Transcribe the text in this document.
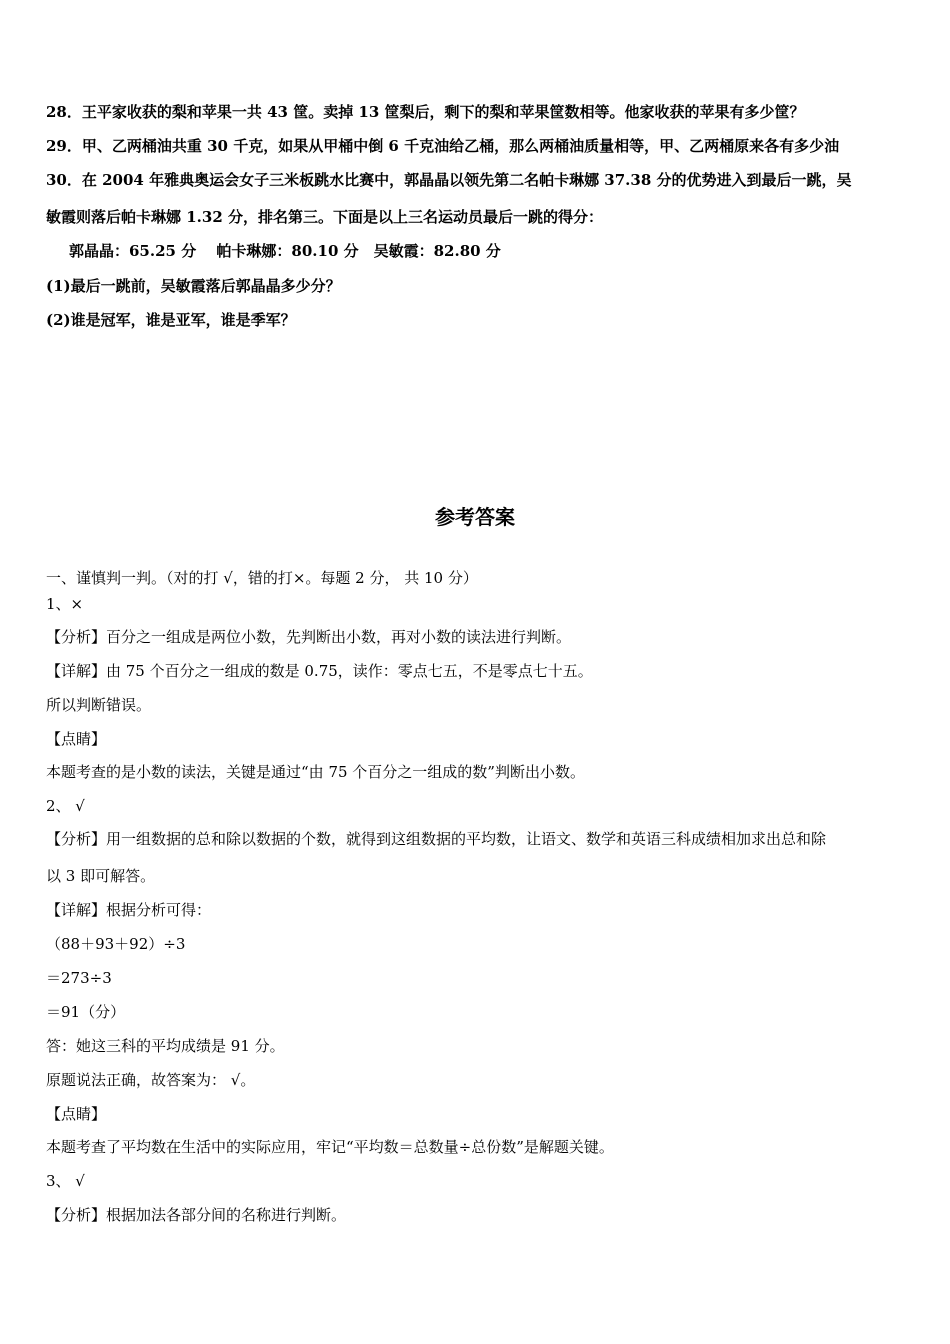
28．王平家收获的梨和苹果一共 43 筐。卖掉 13 筐梨后，剩下的梨和苹果筐数相等。他家收获的苹果有多少筐？
29．甲、乙两桶油共重 30 千克，如果从甲桶中倒 6 千克油给乙桶，那么两桶油质量相等，甲、乙两桶原来各有多少油
30．在 2004 年雅典奥运会女子三米板跳水比赛中，郭晶晶以领先第二名帕卡琳娜 37.38 分的优势进入到最后一跳，吴
敏霞则落后帕卡琳娜 1.32 分，排名第三。下面是以上三名运动员最后一跳的得分：
郭晶晶：65.25 分　 帕卡琳娜：80.10 分　吴敏霞：82.80 分
(1)最后一跳前，吴敏霞落后郭晶晶多少分？
(2)谁是冠军，谁是亚军，谁是季军？
参考答案
一、谨慎判一判。（对的打 √，错的打×。每题 2 分， 共 10 分）
1、×
【分析】百分之一组成是两位小数，先判断出小数，再对小数的读法进行判断。
【详解】由 75 个百分之一组成的数是 0.75，读作：零点七五，不是零点七十五。
所以判断错误。
【点睛】
本题考查的是小数的读法，关键是通过“由 75 个百分之一组成的数”判断出小数。
2、 √
【分析】用一组数据的总和除以数据的个数，就得到这组数据的平均数，让语文、数学和英语三科成绩相加求出总和除
以 3 即可解答。
【详解】根据分析可得：
（88＋93＋92）÷3
＝273÷3
＝91（分）
答：她这三科的平均成绩是 91 分。
原题说法正确，故答案为： √。
【点睛】
本题考查了平均数在生活中的实际应用，牢记“平均数＝总数量÷总份数”是解题关键。
3、 √
【分析】根据加法各部分间的名称进行判断。
